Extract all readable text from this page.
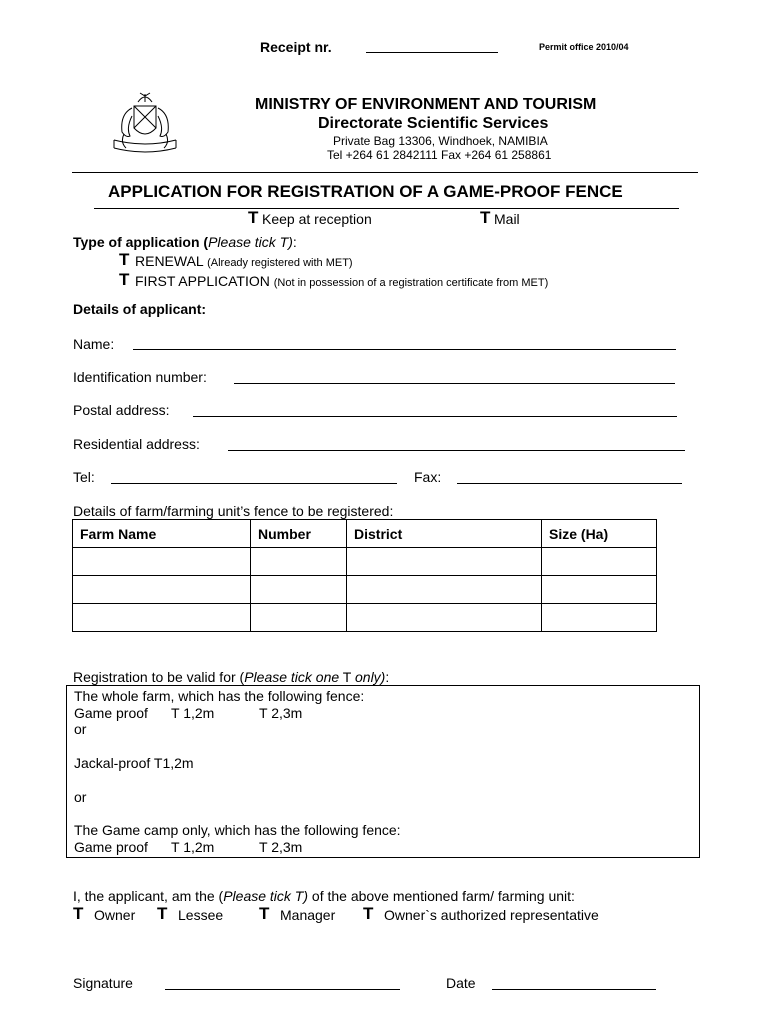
Receipt nr.	Permit office 2010/04
MINISTRY OF ENVIRONMENT AND TOURISM
Directorate Scientific Services
Private Bag 13306, Windhoek, NAMIBIA
Tel +264 61 2842111 Fax +264 61 258861
APPLICATION FOR REGISTRATION OF A GAME-PROOF FENCE
T Keep at reception	T Mail
Type of application (Please tick T):
T RENEWAL (Already registered with MET)
T FIRST APPLICATION (Not in possession of a registration certificate from MET)
Details of applicant:
Name:
Identification number:
Postal address:
Residential address:
Tel:	Fax:
Details of farm/farming unit’s fence to be registered:
Farm Name	Number	District	Size (Ha)

Registration to be valid for (Please tick one T only):
The whole farm, which has the following fence:
Game proof T 1,2m	T 2,3m
or
Jackal-proof T1,2m
or
The Game camp only, which has the following fence:
Game proof T 1,2m	T 2,3m
I, the applicant, am the (Please tick T) of the above mentioned farm/ farming unit:
T Owner T Lessee T Manager T Owner`s authorized representative
Signature	Date
